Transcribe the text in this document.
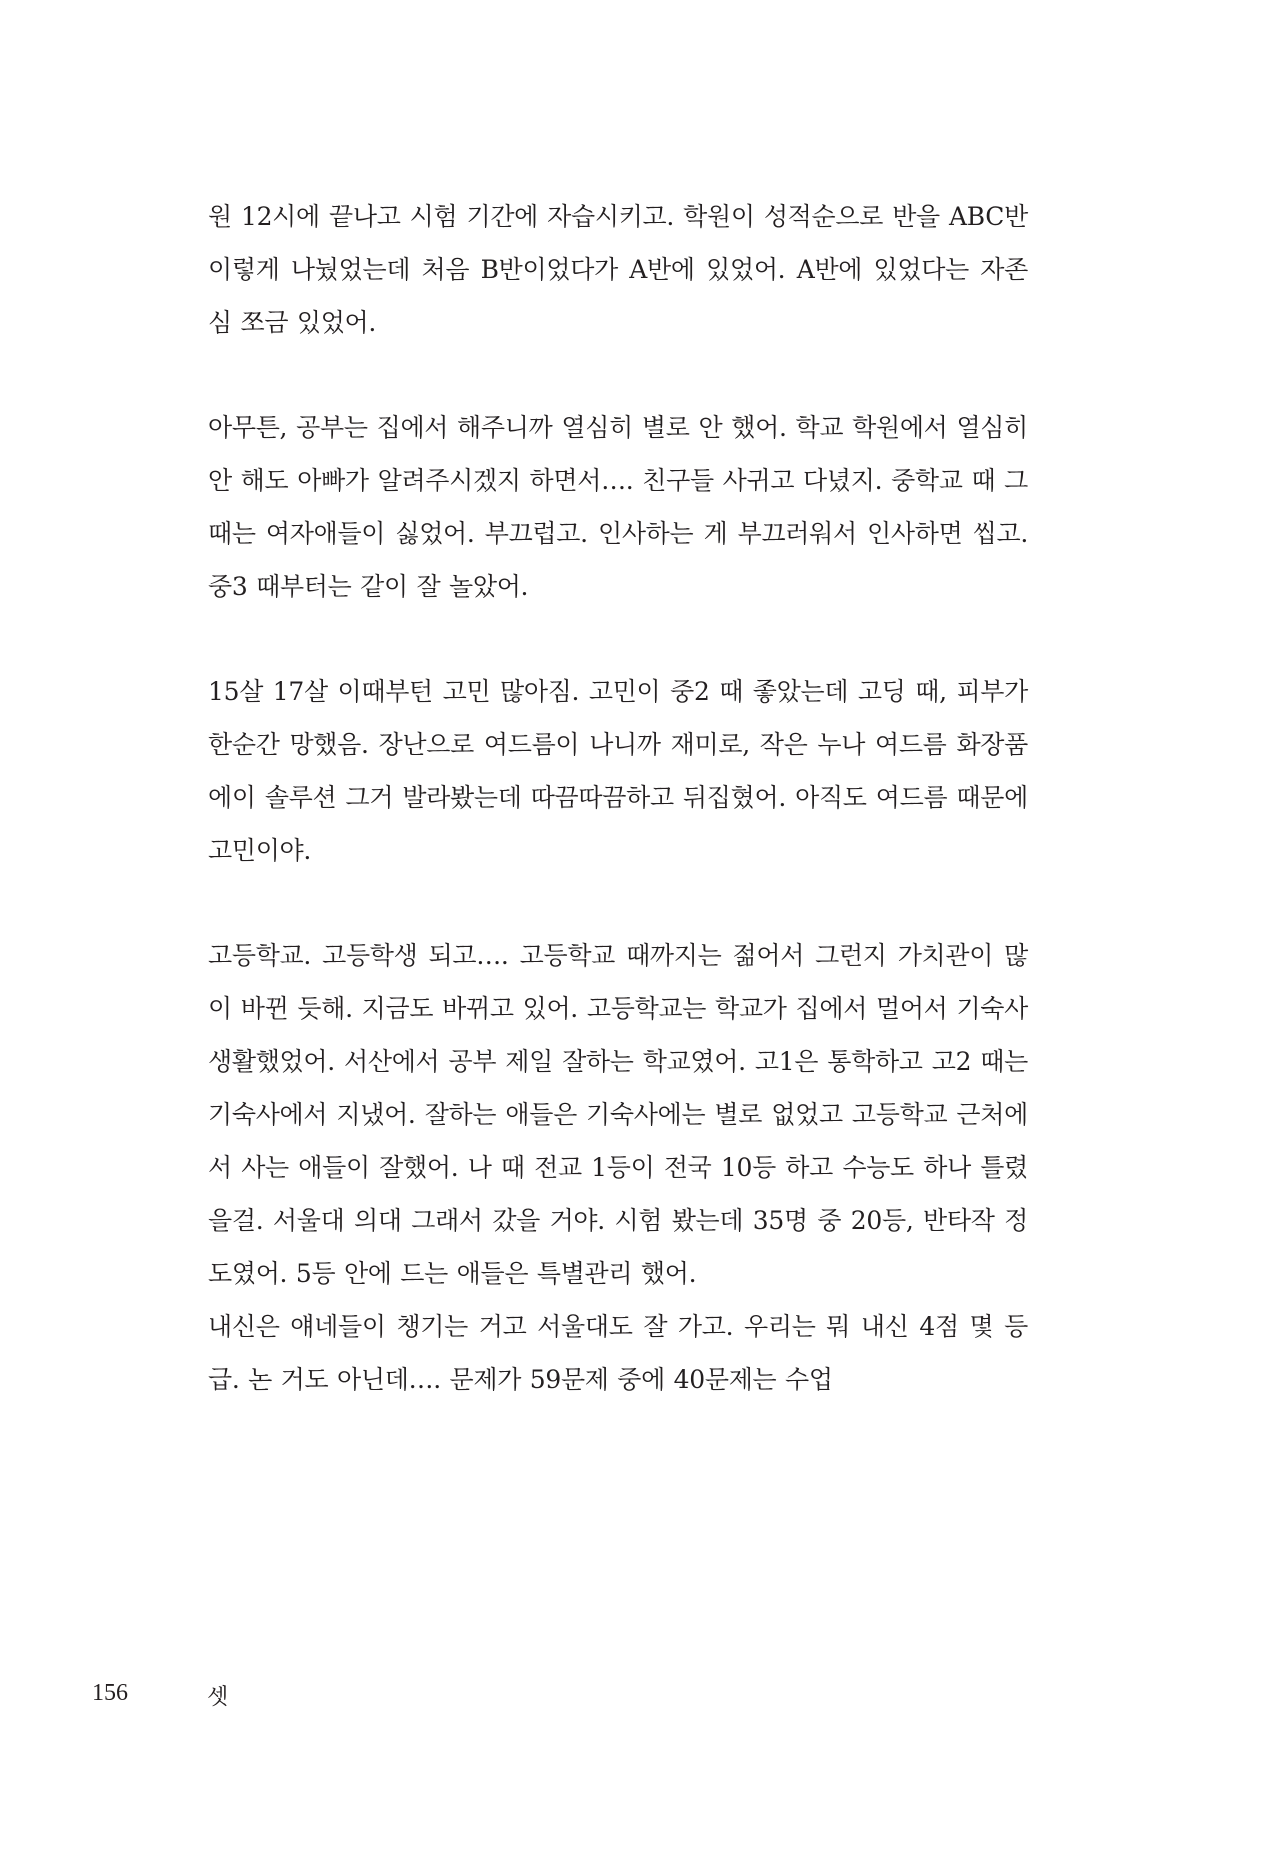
원 12시에 끝나고 시험 기간에 자습시키고. 학원이 성적순으로 반을 ABC반 이렇게 나눴었는데 처음 B반이었다가 A반에 있었어. A반에 있었다는 자존심 쪼금 있었어.

아무튼, 공부는 집에서 해주니까 열심히 별로 안 했어. 학교 학원에서 열심히 안 해도 아빠가 알려주시겠지 하면서…. 친구들 사귀고 다녔지. 중학교 때 그때는 여자애들이 싫었어. 부끄럽고. 인사하는 게 부끄러워서 인사하면 씹고. 중3 때부터는 같이 잘 놀았어.

15살 17살 이때부턴 고민 많아짐. 고민이 중2 때 좋았는데 고딩 때, 피부가 한순간 망했음. 장난으로 여드름이 나니까 재미로, 작은 누나 여드름 화장품 에이 솔루션 그거 발라봤는데 따끔따끔하고 뒤집혔어. 아직도 여드름 때문에 고민이야.

고등학교. 고등학생 되고…. 고등학교 때까지는 젊어서 그런지 가치관이 많이 바뀐 듯해. 지금도 바뀌고 있어. 고등학교는 학교가 집에서 멀어서 기숙사 생활했었어. 서산에서 공부 제일 잘하는 학교였어. 고1은 통학하고 고2 때는 기숙사에서 지냈어. 잘하는 애들은 기숙사에는 별로 없었고 고등학교 근처에서 사는 애들이 잘했어. 나 때 전교 1등이 전국 10등 하고 수능도 하나 틀렸을걸. 서울대 의대 그래서 갔을 거야. 시험 봤는데 35명 중 20등, 반타작 정도였어. 5등 안에 드는 애들은 특별관리 했어.

내신은 얘네들이 챙기는 거고 서울대도 잘 가고. 우리는 뭐 내신 4점 몇 등급. 논 거도 아닌데…. 문제가 59문제 중에 40문제는 수업

156	셋
